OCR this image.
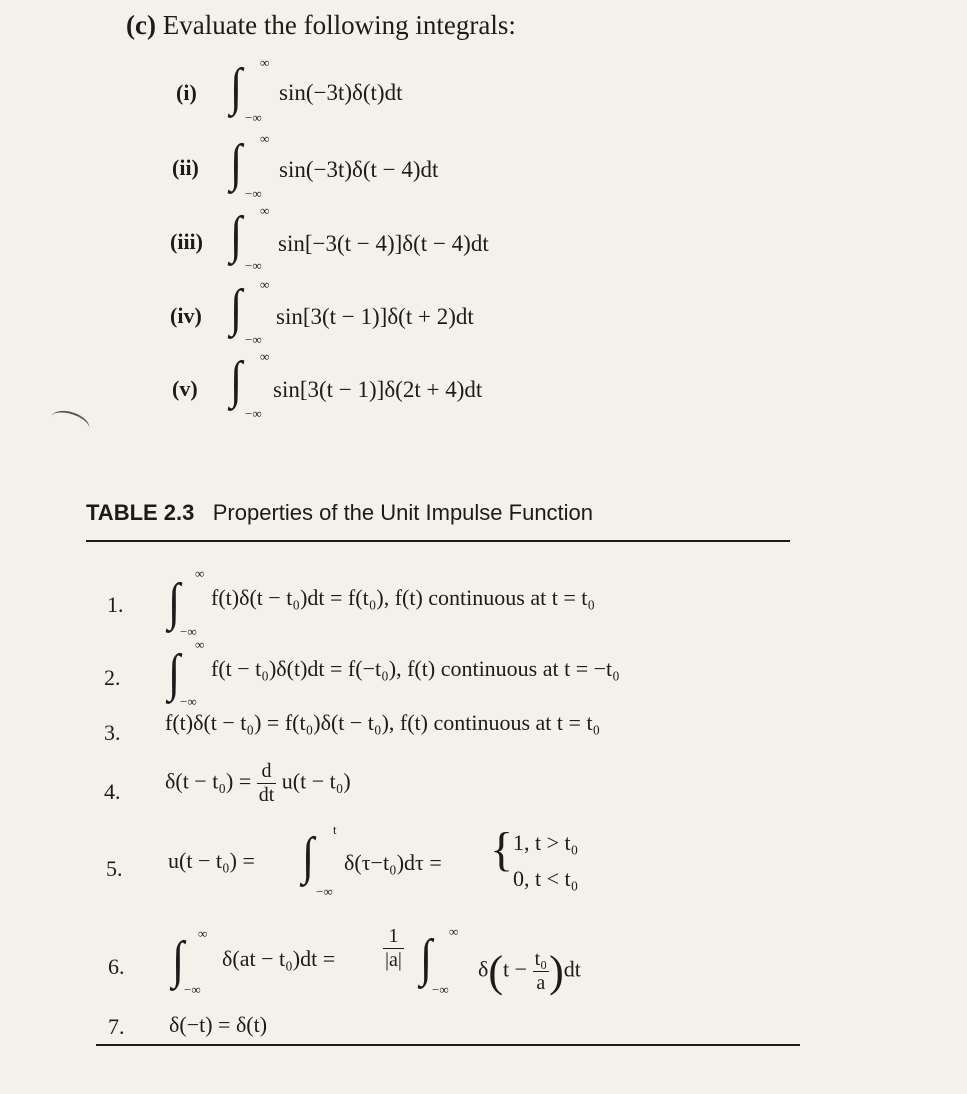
(c) Evaluate the following integrals:
(i) ∫ ∞
−∞
sin(−3t)δ(t)dt
(ii) ∫ ∞
−∞
sin(−3t)δ(t − 4)dt
(iii) ∫ ∞
−∞
sin[−3(t − 4)]δ(t − 4)dt
(iv) ∫ ∞
−∞
sin[3(t − 1)]δ(t + 2)dt
(v) ∫ ∞
−∞
sin[3(t − 1)]δ(2t + 4)dt
TABLE 2.3 Properties of the Unit Impulse Function
1. ∫
∞
−∞
f(t)δ(t − t₀)dt = f(t₀), f(t) continuous at t = t₀
2. ∫
∞
−∞
f(t − t₀)δ(t)dt = f(−t₀), f(t) continuous at t = −t₀
3. f(t)δ(t − t₀) = f(t₀)δ(t − t₀), f(t) continuous at t = t₀
4. $\delta(t - t_0) = \frac{d}{dt} u(t - t_0)$
5. u(t − t₀) = ∫ t
−∞
δ(τ−t₀)dτ = { 1, t > t₀
0, t < t₀
6. ∫ ∞
−∞
$\delta(at - t_0)dt = \frac{1}{|a|}$ ∫ ∞
−∞
$\delta(t - \frac{\text{t₀}}{a} )dt$
7. δ(−t) = δ(t)
